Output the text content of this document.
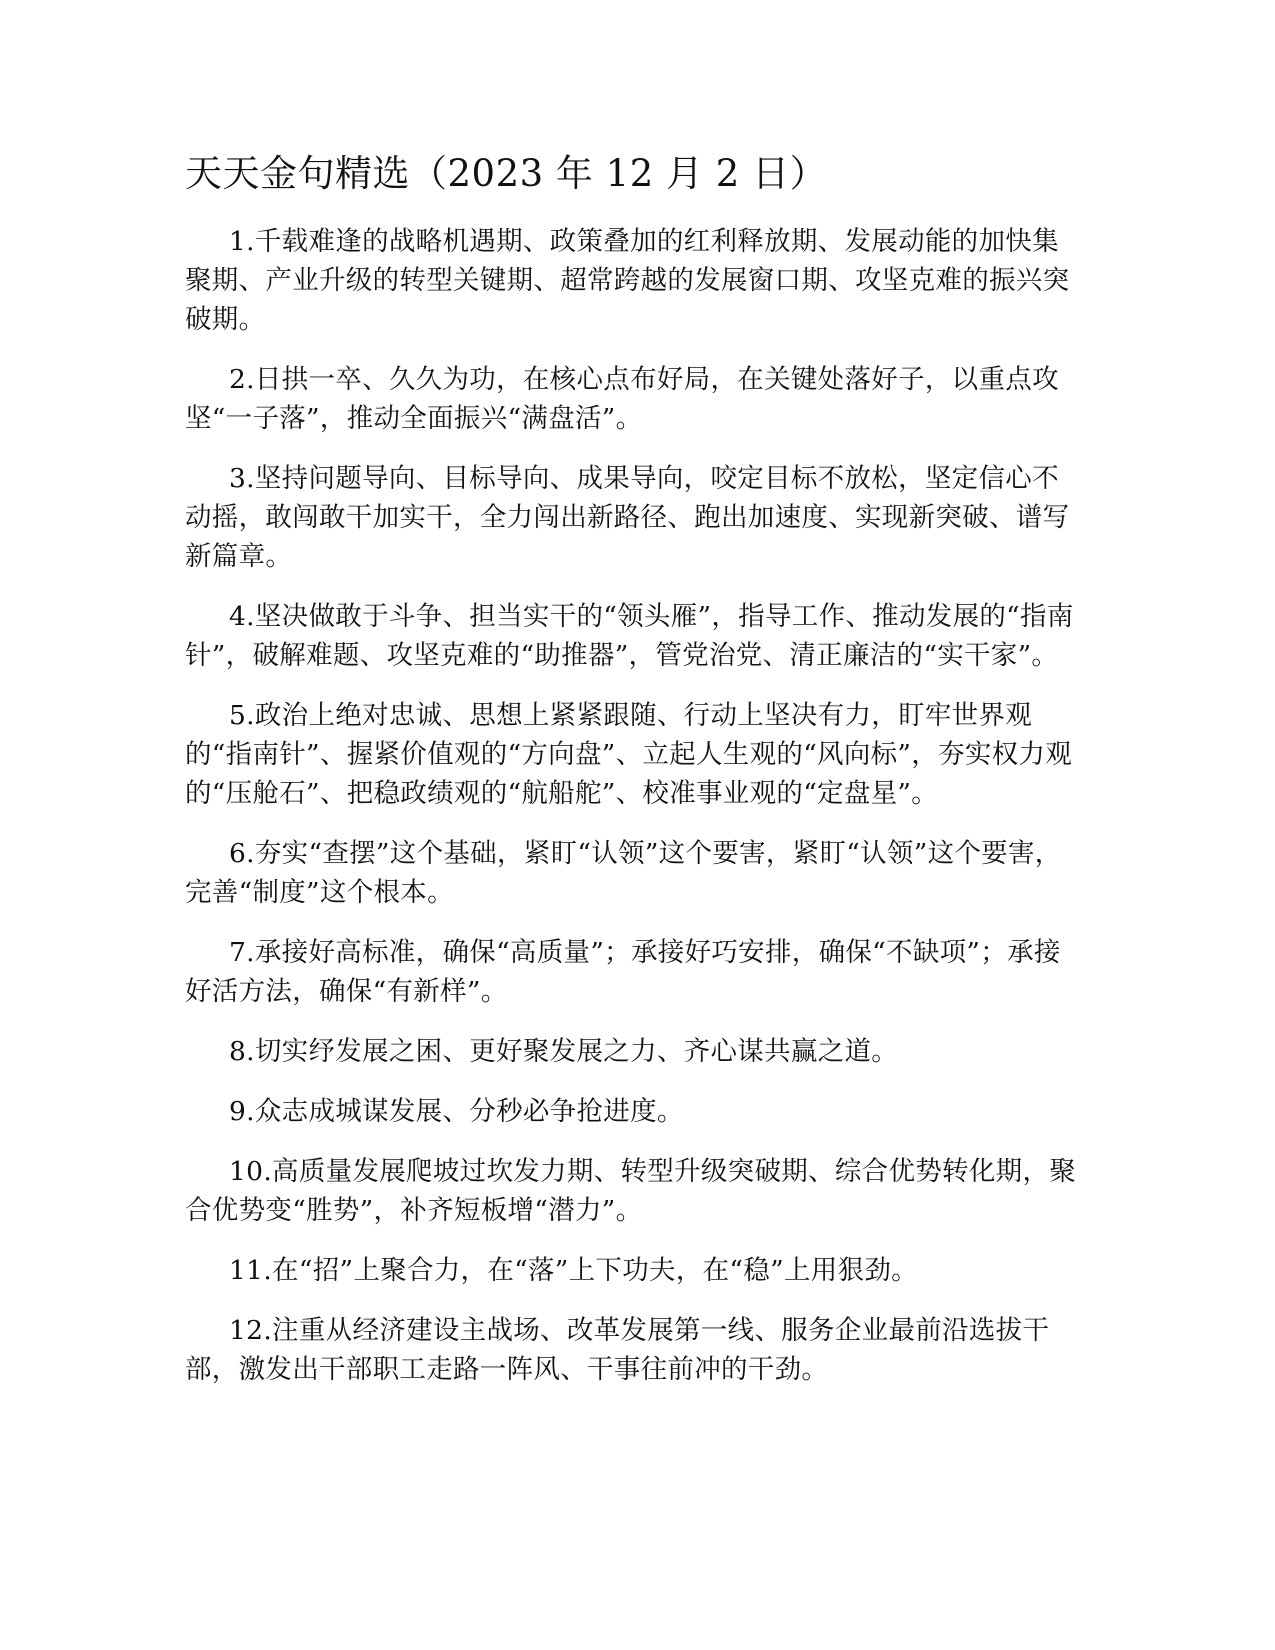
天天金句精选（2023 年 12 月 2 日）

1.千载难逢的战略机遇期、政策叠加的红利释放期、发展动能的加快集聚期、产业升级的转型关键期、超常跨越的发展窗口期、攻坚克难的振兴突破期。

2.日拱一卒、久久为功，在核心点布好局，在关键处落好子，以重点攻坚“一子落”，推动全面振兴“满盘活”。

3.坚持问题导向、目标导向、成果导向，咬定目标不放松，坚定信心不动摇，敢闯敢干加实干，全力闯出新路径、跑出加速度、实现新突破、谱写新篇章。

4.坚决做敢于斗争、担当实干的“领头雁”，指导工作、推动发展的“指南针”，破解难题、攻坚克难的“助推器”，管党治党、清正廉洁的“实干家”。

5.政治上绝对忠诚、思想上紧紧跟随、行动上坚决有力，盯牢世界观的“指南针”、握紧价值观的“方向盘”、立起人生观的“风向标”，夯实权力观的“压舱石”、把稳政绩观的“航船舵”、校准事业观的“定盘星”。

6.夯实“查摆”这个基础，紧盯“认领”这个要害，紧盯“认领”这个要害，完善“制度”这个根本。

7.承接好高标准，确保“高质量”；承接好巧安排，确保“不缺项”；承接好活方法，确保“有新样”。

8.切实纾发展之困、更好聚发展之力、齐心谋共赢之道。

9.众志成城谋发展、分秒必争抢进度。

10.高质量发展爬坡过坎发力期、转型升级突破期、综合优势转化期，聚合优势变“胜势”，补齐短板增“潜力”。

11.在“招”上聚合力，在“落”上下功夫，在“稳”上用狠劲。

12.注重从经济建设主战场、改革发展第一线、服务企业最前沿选拔干部，激发出干部职工走路一阵风、干事往前冲的干劲。
